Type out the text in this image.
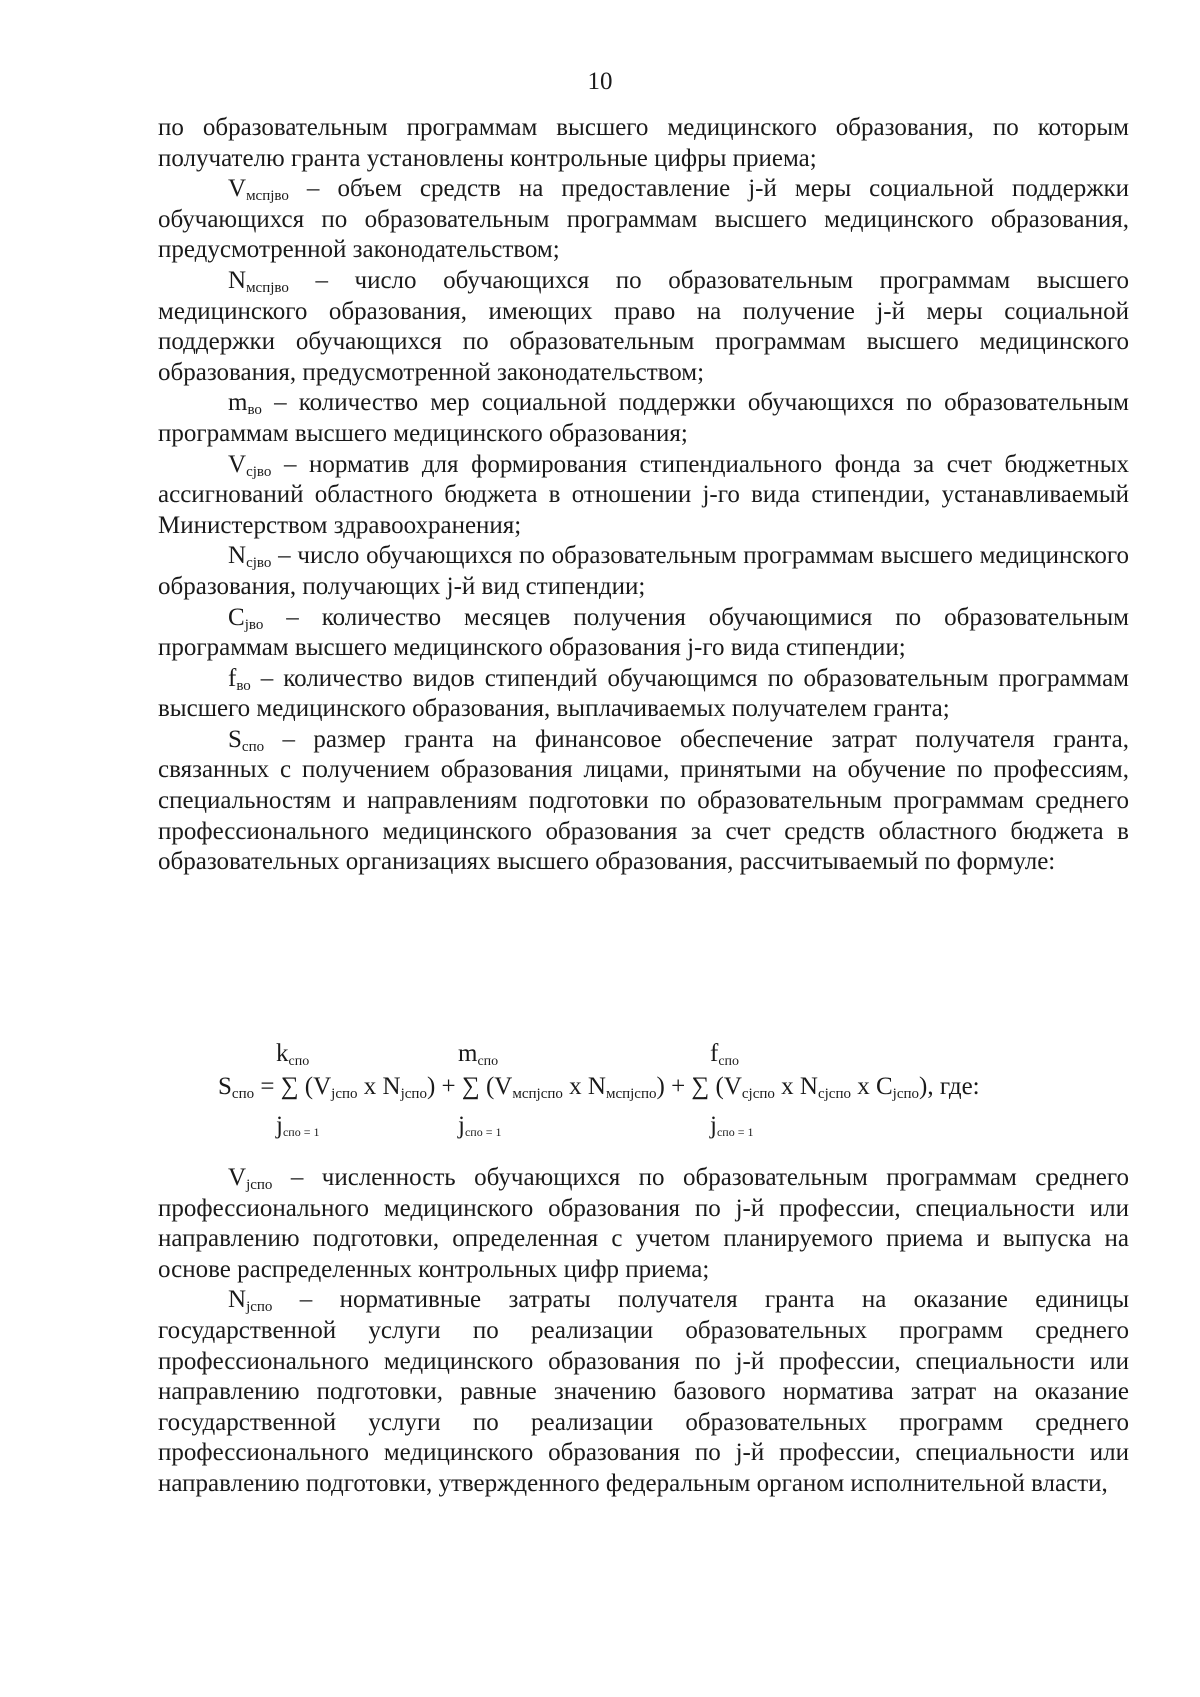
10

по образовательным программам высшего медицинского образования, по которым получателю гранта установлены контрольные цифры приема;

$V_{мспjво}$ – объем средств на предоставление j-й меры социальной поддержки обучающихся по образовательным программам высшего медицинского образования, предусмотренной законодательством;

$N_{мспjво}$ – число обучающихся по образовательным программам высшего медицинского образования, имеющих право на получение j-й меры социальной поддержки обучающихся по образовательным программам высшего медицинского образования, предусмотренной законодательством;

$m_{во}$ – количество мер социальной поддержки обучающихся по образовательным программам высшего медицинского образования;

$V_{cjво}$ – норматив для формирования стипендиального фонда за счет бюджетных ассигнований областного бюджета в отношении j-го вида стипендии, устанавливаемый Министерством здравоохранения;

$N_{cjво}$ – число обучающихся по образовательным программам высшего медицинского образования, получающих j-й вид стипендии;

$C_{jво}$ – количество месяцев получения обучающимися по образовательным программам высшего медицинского образования j-го вида стипендии;

$f_{во}$ – количество видов стипендий обучающимся по образовательным программам высшего медицинского образования, выплачиваемых получателем гранта;

$S_{спо}$ – размер гранта на финансовое обеспечение затрат получателя гранта, связанных с получением образования лицами, принятыми на обучение по профессиям, специальностям и направлениям подготовки по образовательным программам среднего профессионального медицинского образования за счет средств областного бюджета в образовательных организациях высшего образования, рассчитываемый по формуле:

$k_{спо}$	$m_{спо}$	$f_{спо}$
$S_{спо}$ = ∑ ($V_{jспо}$ x $N_{jспо}$) + ∑ ($V_{мспjспо}$ x $N_{мспjспо}$) + ∑ ($V_{cjспо}$ x $N_{cjспо}$ x $C_{jспо}$), где:
$j_{спо = 1}$	$j_{спо = 1}$	$j_{спо = 1}$

$V_{jспо}$ – численность обучающихся по образовательным программам среднего профессионального медицинского образования по j-й профессии, специальности или направлению подготовки, определенная с учетом планируемого приема и выпуска на основе распределенных контрольных цифр приема;

$N_{jспо}$ – нормативные затраты получателя гранта на оказание единицы государственной услуги по реализации образовательных программ среднего профессионального медицинского образования по j-й профессии, специальности или направлению подготовки, равные значению базового норматива затрат на оказание государственной услуги по реализации образовательных программ среднего профессионального медицинского образования по j-й профессии, специальности или направлению подготовки, утвержденного федеральным органом исполнительной власти,
